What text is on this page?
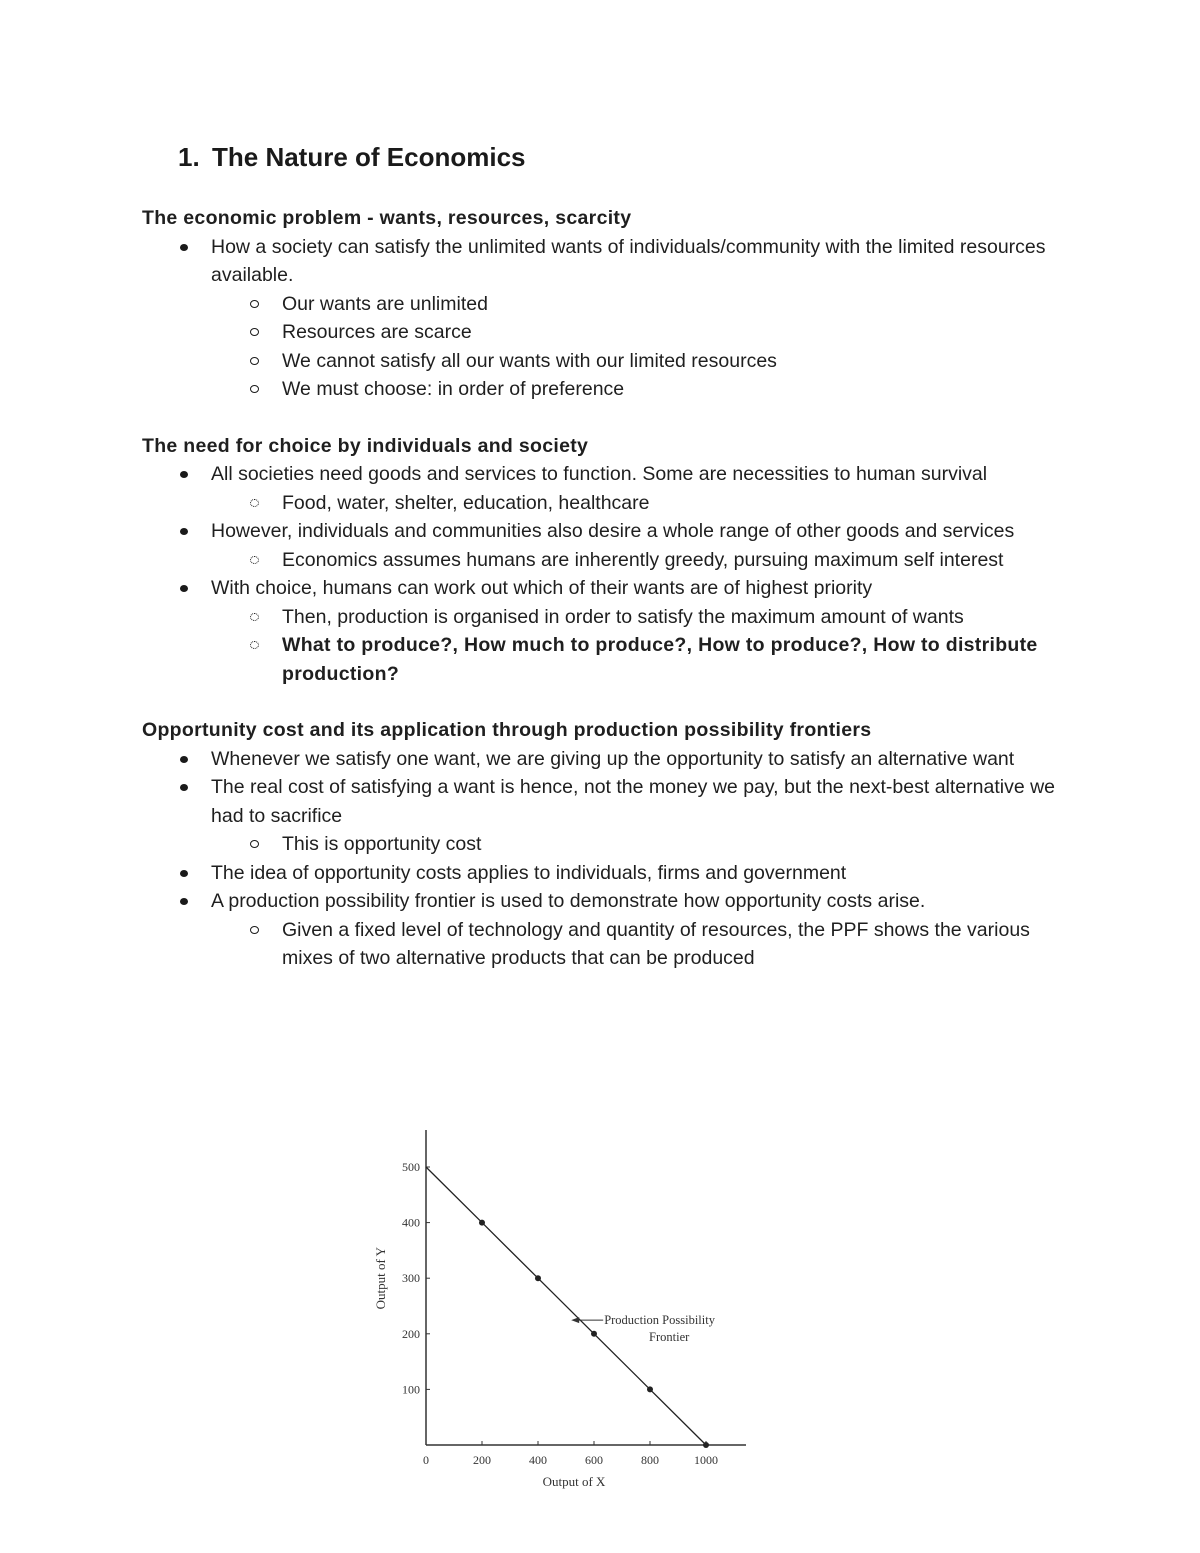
1. The Nature of Economics
The economic problem - wants, resources, scarcity
How a society can satisfy the unlimited wants of individuals/community with the limited resources available.
Our wants are unlimited
Resources are scarce
We cannot satisfy all our wants with our limited resources
We must choose: in order of preference
The need for choice by individuals and society
All societies need goods and services to function. Some are necessities to human survival
Food, water, shelter, education, healthcare
However, individuals and communities also desire a whole range of other goods and services
Economics assumes humans are inherently greedy, pursuing maximum self interest
With choice, humans can work out which of their wants are of highest priority
Then, production is organised in order to satisfy the maximum amount of wants
What to produce?, How much to produce?, How to produce?, How to distribute production?
Opportunity cost and its application through production possibility frontiers
Whenever we satisfy one want, we are giving up the opportunity to satisfy an alternative want
The real cost of satisfying a want is hence, not the money we pay, but the next-best alternative we had to sacrifice
This is opportunity cost
The idea of opportunity costs applies to individuals, firms and government
A production possibility frontier is used to demonstrate how opportunity costs arise.
Given a fixed level of technology and quantity of resources, the PPF shows the various mixes of two alternative products that can be produced
0	200	400	600	800	1000
100
200
300
400
500
Output of X
Output of Y
Production Possibility
Frontier
